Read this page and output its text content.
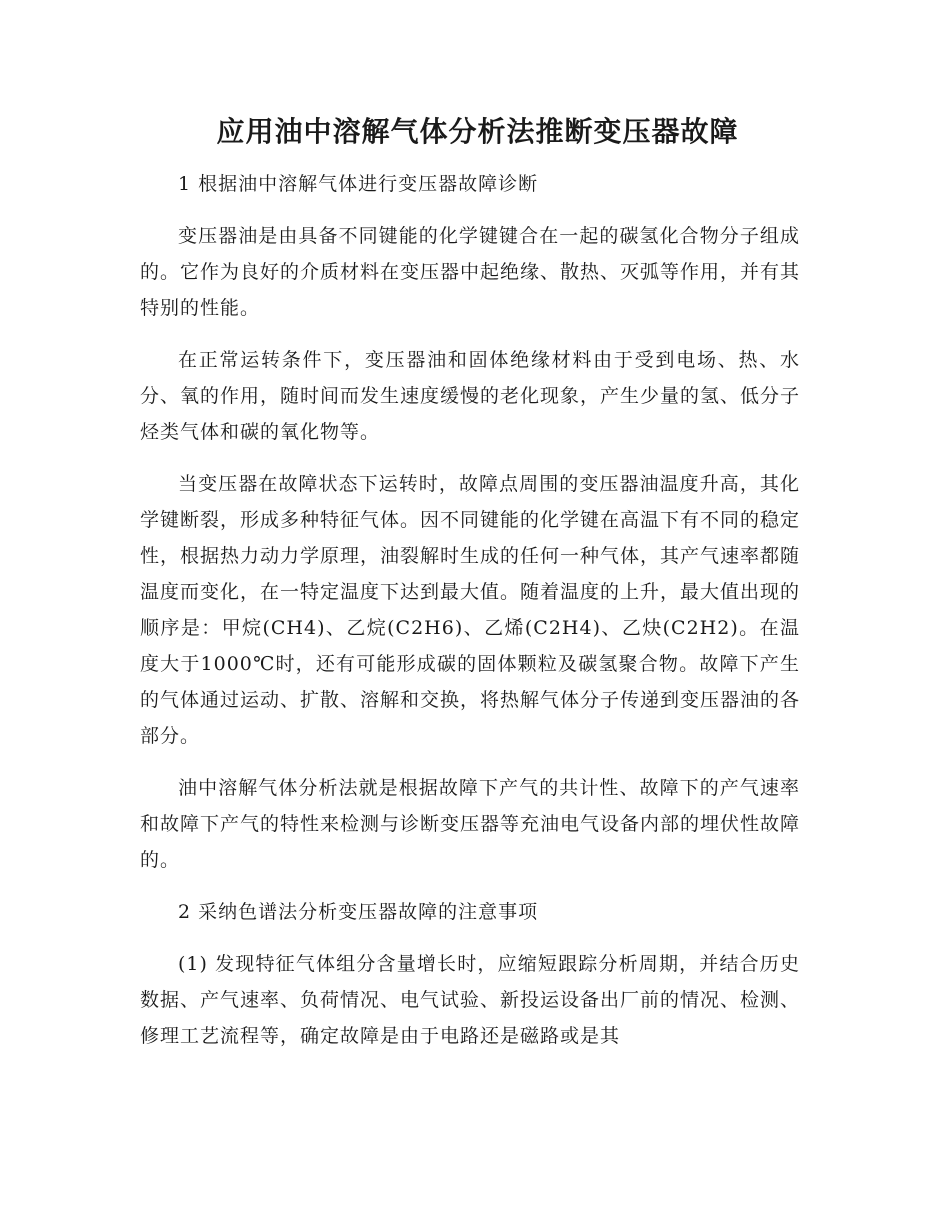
应用油中溶解气体分析法推断变压器故障

1 根据油中溶解气体进行变压器故障诊断

变压器油是由具备不同键能的化学键键合在一起的碳氢化合物分子组成的。它作为良好的介质材料在变压器中起绝缘、散热、灭弧等作用，并有其特别的性能。

在正常运转条件下，变压器油和固体绝缘材料由于受到电场、热、水分、氧的作用，随时间而发生速度缓慢的老化现象，产生少量的氢、低分子烃类气体和碳的氧化物等。

当变压器在故障状态下运转时，故障点周围的变压器油温度升高，其化学键断裂，形成多种特征气体。因不同键能的化学键在高温下有不同的稳定性，根据热力动力学原理，油裂解时生成的任何一种气体，其产气速率都随温度而变化，在一特定温度下达到最大值。随着温度的上升，最大值出现的顺序是：甲烷(CH4)、乙烷(C2H6)、乙烯(C2H4)、乙炔(C2H2)。在温度大于1000℃时，还有可能形成碳的固体颗粒及碳氢聚合物。故障下产生的气体通过运动、扩散、溶解和交换，将热解气体分子传递到变压器油的各部分。

油中溶解气体分析法就是根据故障下产气的共计性、故障下的产气速率和故障下产气的特性来检测与诊断变压器等充油电气设备内部的埋伏性故障的。

2 采纳色谱法分析变压器故障的注意事项

(1) 发现特征气体组分含量增长时，应缩短跟踪分析周期，并结合历史数据、产气速率、负荷情况、电气试验、新投运设备出厂前的情况、检测、修理工艺流程等，确定故障是由于电路还是磁路或是其
